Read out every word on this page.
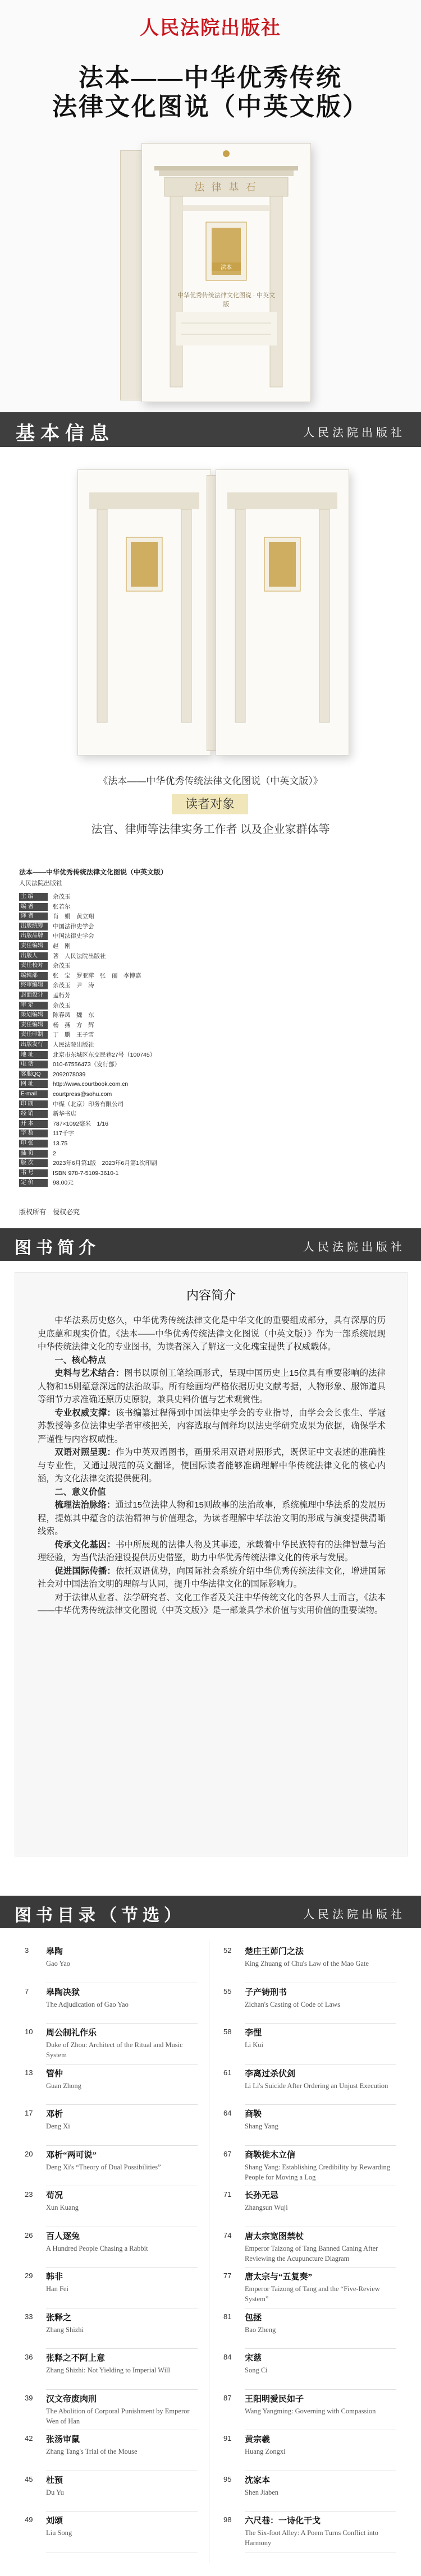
人民法院出版社
法本——中华优秀传统
法律文化图说（中英文版）
法 律 基 石
法本
中华优秀传统法律文化图说 · 中英文版
基本信息	人民法院出版社
《法本——中华优秀传统法律文化图说（中英文版）》
读者对象
法官、律师等法律实务工作者 以及企业家群体等
法本——中华优秀传统法律文化图说（中英文版）
人民法院出版社
主 编	余茂玉
编 著	张若尔
译 者	肖　娟　黄立翔
出版统筹	中国法律史学会
出版品牌	中国法律史学会
责任编辑	赵　刚
出版人	著　人民法院出版社
责任校对	余茂玉
编辑部	张　宝　罗亚萍　张　丽　李博嘉
终审编辑	余茂玉　尹　涛
封面设计	孟朽芳
审 定	余茂玉
策划编辑	陈春凤　魏　东
责任编辑	杨　燕　方　辉
责任印制	丁　鹏　王子雪
出版发行	人民法院出版社
地 址	北京市东城区东交民巷27号（100745）
电 话	010-67556473（发行部）
客服QQ	2092078039
网 址	http://www.courtbook.com.cn
E-mail	courtpress@sohu.com
印 刷	中煤（北京）印务有限公司
经 销	新华书店
开 本	787×1092毫米　1/16
字 数	117千字
印 张	13.75
插 页	2
版 次	2023年6月第1版　2023年6月第1次印刷
书 号	ISBN 978-7-5109-3610-1
定 价	98.00元
版权所有　侵权必究
图书简介	人民法院出版社
内容简介

中华法系历史悠久，中华优秀传统法律文化是中华文化的重要组成部分，具有深厚的历史底蕴和现实价值。《法本——中华优秀传统法律文化图说（中英文版）》作为一部系统展现中华传统法律文化的专业图书，为读者深入了解这一文化瑰宝提供了权威载体。

一、核心特点

史料与艺术结合：图书以原创工笔绘画形式，呈现中国历史上15位具有重要影响的法律人物和15则蕴意深远的法治故事。所有绘画均严格依据历史文献考据，人物形象、服饰道具等细节力求准确还原历史原貌，兼具史料价值与艺术观赏性。

专业权威支撑：该书编纂过程得到中国法律史学会的专业指导，由学会会长张生、学冠苏教授等多位法律史学者审核把关，内容选取与阐释均以法史学研究成果为依据，确保学术严谨性与内容权威性。

双语对照呈现：作为中英双语图书，画册采用双语对照形式，既保证中文表述的准确性与专业性，又通过规范的英文翻译，使国际读者能够准确理解中华传统法律文化的核心内涵，为文化法律交流提供便利。

二、意义价值

梳理法治脉络：通过15位法律人物和15则故事的法治故事，系统梳理中华法系的发展历程，提炼其中蕴含的法治精神与价值理念，为读者理解中华法治文明的形成与演变提供清晰线索。

传承文化基因：书中所展现的法律人物及其事迹，承载着中华民族特有的法律智慧与治理经验，为当代法治建设提供历史借鉴，助力中华优秀传统法律文化的传承与发展。

促进国际传播：依托双语优势，向国际社会系统介绍中华优秀传统法律文化，增进国际社会对中国法治文明的理解与认同，提升中华法律文化的国际影响力。

对于法律从业者、法学研究者、文化工作者及关注中华传统文化的各界人士而言，《法本——中华优秀传统法律文化图说（中英文版）》是一部兼具学术价值与实用价值的重要读物。

图书目录（节选）	人民法院出版社
3	皋陶
Gao Yao
7	皋陶决狱
The Adjudication of Gao Yao
10	周公制礼作乐
Duke of Zhou: Architect of the Ritual and Music System
13	管仲
Guan Zhong
17	邓析
Deng Xi
20	邓析“两可说”
Deng Xi's “Theory of Dual Possibilities”
23	荀况
Xun Kuang
26	百人逐兔
A Hundred People Chasing a Rabbit
29	韩非
Han Fei
33	张释之
Zhang Shizhi
36	张释之不阿上意
Zhang Shizhi: Not Yielding to Imperial Will
39	汉文帝废肉刑
The Abolition of Corporal Punishment by Emperor Wen of Han
42	张汤审鼠
Zhang Tang's Trial of the Mouse
45	杜预
Du Yu
49	刘颂
Liu Song
52	楚庄王茆门之法
King Zhuang of Chu's Law of the Mao Gate
55	子产铸刑书
Zichan's Casting of Code of Laws
58	李悝
Li Kui
61	李离过杀伏剑
Li Li's Suicide After Ordering an Unjust Execution
64	商鞅
Shang Yang
67	商鞅徙木立信
Shang Yang: Establishing Credibility by Rewarding People for Moving a Log
71	长孙无忌
Zhangsun Wuji
74	唐太宗宽囹禁杖
Emperor Taizong of Tang Banned Caning After Reviewing the Acupuncture Diagram
77	唐太宗与“五复奏”
Emperor Taizong of Tang and the “Five-Review System”
81	包拯
Bao Zheng
84	宋慈
Song Ci
87	王阳明爱民如子
Wang Yangming: Governing with Compassion
91	黄宗羲
Huang Zongxi
95	沈家本
Shen Jiaben
98	六尺巷：一诗化干戈
The Six-foot Alley: A Poem Turns Conflict into Harmony
